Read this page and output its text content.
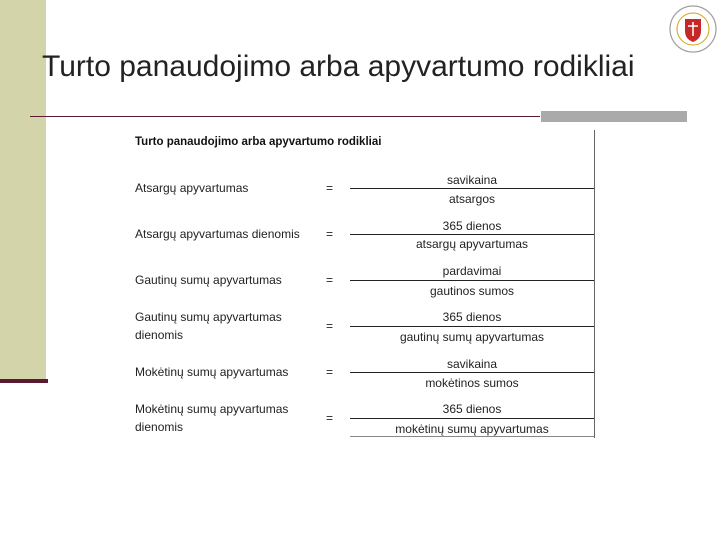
Turto panaudojimo arba apyvartumo rodikliai
Turto panaudojimo arba apyvartumo rodikliai
Atsargų apyvartumas	=
savikaina
atsargos
Atsargų apyvartumas dienomis	=
365 dienos
atsargų apyvartumas
Gautinų sumų apyvartumas	=
pardavimai
gautinos sumos
Gautinų sumų apyvartumas dienomis
=
365 dienos
gautinų sumų apyvartumas
Mokėtinų sumų apyvartumas	=
savikaina
mokėtinos sumos
Mokėtinų sumų apyvartumas dienomis
=
365 dienos
mokėtinų sumų apyvartumas
